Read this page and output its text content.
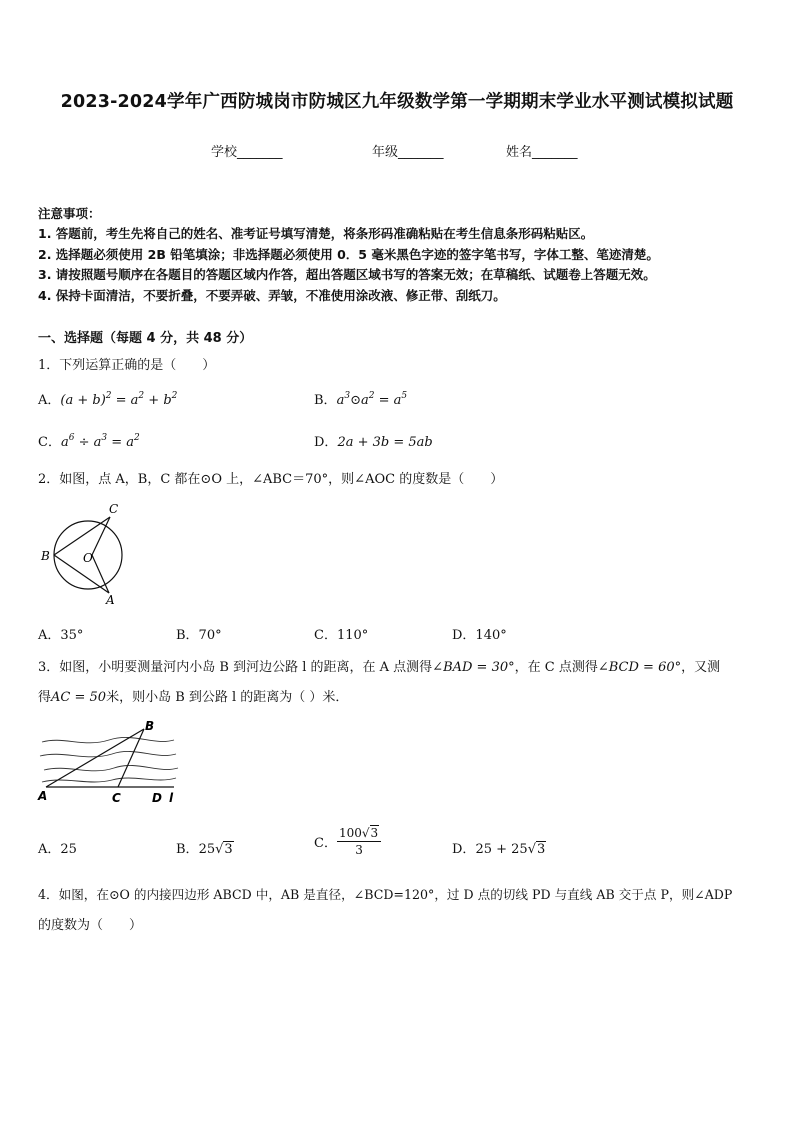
2023-2024学年广西防城岗市防城区九年级数学第一学期期末学业水平测试模拟试题
学校_______	年级_______	姓名_______
注意事项：
1. 答题前，考生先将自己的姓名、准考证号填写清楚，将条形码准确粘贴在考生信息条形码粘贴区。
2. 选择题必须使用 2B 铅笔填涂；非选择题必须使用 0．5 毫米黑色字迹的签字笔书写，字体工整、笔迹清楚。
3. 请按照题号顺序在各题目的答题区域内作答，超出答题区域书写的答案无效；在草稿纸、试题卷上答题无效。
4. 保持卡面清洁，不要折叠，不要弄破、弄皱，不准使用涂改液、修正带、刮纸刀。
一、选择题（每题 4 分，共 48 分）
1．下列运算正确的是（　　）
A．$(a + b)^2 = a^2 + b^2$	B．$a^3⊙a^2 = a^5$
C．$a^6 \div a^3 = a^2$	D．2a + 3b = 5ab
2．如图，点 A，B，C 都在⊙O 上，∠ABC＝70°，则∠AOC 的度数是（　　）
C
B	O
A
A．35°	B．70°	C．110°	D．140°
3．如图，小明要测量河内小岛 B 到河边公路 l 的距离，在 A 点测得∠BAD = 30°，在 C 点测得∠BCD = 60°，又测
得AC = 50米，则小岛 B 到公路 l 的距离为（ ）米．
B
A	C	D l
A．25	B．25√3	C． $\frac{100√3}{3}$	D．25 + 25√3
4．如图，在⊙O 的内接四边形 ABCD 中，AB 是直径，∠BCD=120°，过 D 点的切线 PD 与直线 AB 交于点 P，则∠ADP
的度数为（　　）
